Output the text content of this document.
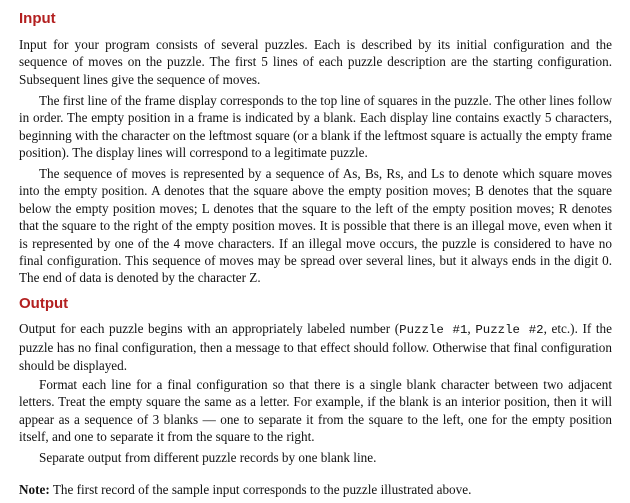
Input

Input for your program consists of several puzzles. Each is described by its initial configuration and the sequence of moves on the puzzle. The first 5 lines of each puzzle description are the starting configuration. Subsequent lines give the sequence of moves.

The first line of the frame display corresponds to the top line of squares in the puzzle. The other lines follow in order. The empty position in a frame is indicated by a blank. Each display line contains exactly 5 characters, beginning with the character on the leftmost square (or a blank if the leftmost square is actually the empty frame position). The display lines will correspond to a legitimate puzzle.

The sequence of moves is represented by a sequence of As, Bs, Rs, and Ls to denote which square moves into the empty position. A denotes that the square above the empty position moves; B denotes that the square below the empty position moves; L denotes that the square to the left of the empty position moves; R denotes that the square to the right of the empty position moves. It is possible that there is an illegal move, even when it is represented by one of the 4 move characters. If an illegal move occurs, the puzzle is considered to have no final configuration. This sequence of moves may be spread over several lines, but it always ends in the digit 0. The end of data is denoted by the character Z.

Output

Output for each puzzle begins with an appropriately labeled number (Puzzle #1, Puzzle #2, etc.). If the puzzle has no final configuration, then a message to that effect should follow. Otherwise that final configuration should be displayed.

Format each line for a final configuration so that there is a single blank character between two adjacent letters. Treat the empty square the same as a letter. For example, if the blank is an interior position, then it will appear as a sequence of 3 blanks — one to separate it from the square to the left, one for the empty position itself, and one to separate it from the square to the right.

Separate output from different puzzle records by one blank line.

Note: The first record of the sample input corresponds to the puzzle illustrated above.
